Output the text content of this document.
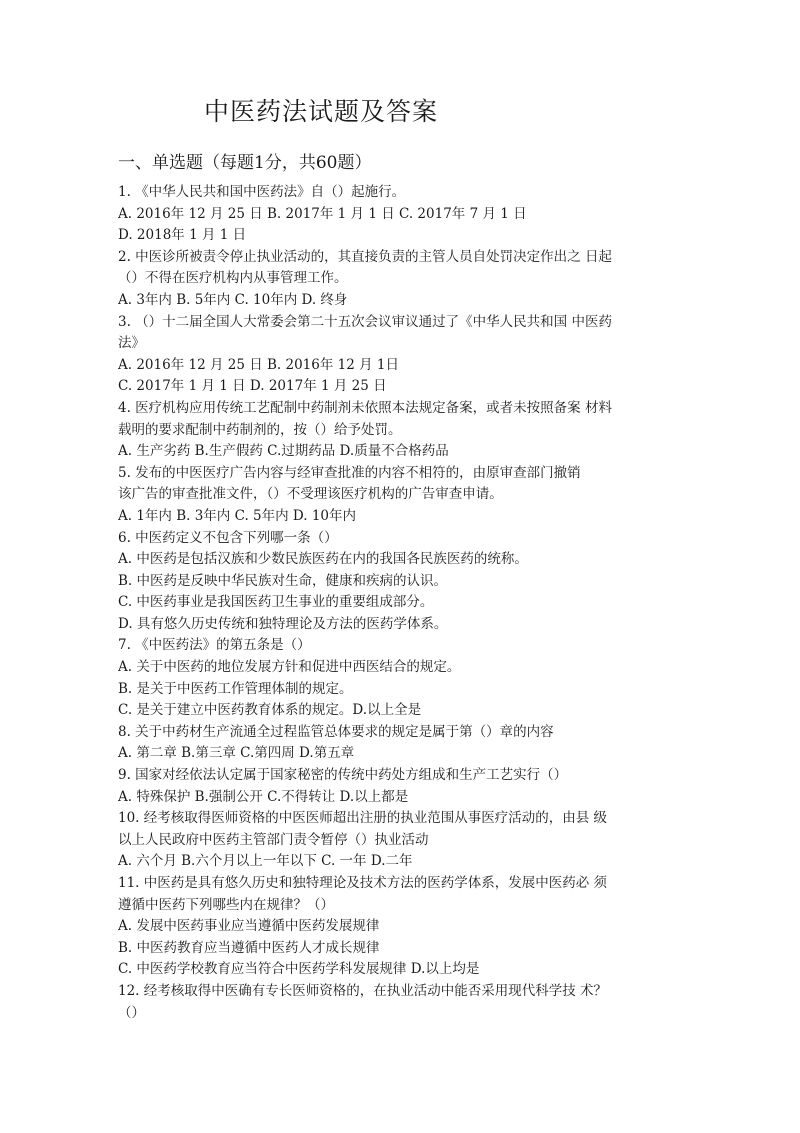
中医药法试题及答案
一、单选题（每题1分，共60题）
1. 《中华人民共和国中医药法》自（）起施行。
A. 2016年 12 月 25 日 B. 2017年 1 月 1 日 C. 2017年 7 月 1 日
D. 2018年 1 月 1 日
2. 中医诊所被责令停止执业活动的，其直接负责的主管人员自处罚决定作出之 日起
（）不得在医疗机构内从事管理工作。
A. 3年内 B. 5年内 C. 10年内 D. 终身
3. （）十二届全国人大常委会第二十五次会议审议通过了《中华人民共和国 中医药
法》
A. 2016年 12 月 25 日 B. 2016年 12 月 1日
C. 2017年 1 月 1 日 D. 2017年 1 月 25 日
4. 医疗机构应用传统工艺配制中药制剂未依照本法规定备案，或者未按照备案 材料
载明的要求配制中药制剂的，按（）给予处罚。
A. 生产劣药 B.生产假药 C.过期药品 D.质量不合格药品
5. 发布的中医医疗广告内容与经审查批准的内容不相符的，由原审查部门撤销
该广告的审查批准文件，（）不受理该医疗机构的广告审查申请。
A. 1年内 B. 3年内 C. 5年内 D. 10年内
6. 中医药定义不包含下列哪一条（）
A. 中医药是包括汉族和少数民族医药在内的我国各民族医药的统称。
B. 中医药是反映中华民族对生命，健康和疾病的认识。
C. 中医药事业是我国医药卫生事业的重要组成部分。
D. 具有悠久历史传统和独特理论及方法的医药学体系。
7. 《中医药法》的第五条是（）
A. 关于中医药的地位发展方针和促进中西医结合的规定。
B. 是关于中医药工作管理体制的规定。
C. 是关于建立中医药教育体系的规定。D.以上全是
8. 关于中药材生产流通全过程监管总体要求的规定是属于第（）章的内容
A. 第二章 B.第三章 C.第四周 D.第五章
9. 国家对经依法认定属于国家秘密的传统中药处方组成和生产工艺实行（）
A. 特殊保护 B.强制公开 C.不得转让 D.以上都是
10. 经考核取得医师资格的中医医师超出注册的执业范围从事医疗活动的，由县 级
以上人民政府中医药主管部门责令暂停（）执业活动
A. 六个月 B.六个月以上一年以下 C. 一年 D.二年
11. 中医药是具有悠久历史和独特理论及技术方法的医药学体系，发展中医药必 须
遵循中医药下列哪些内在规律？（）
A. 发展中医药事业应当遵循中医药发展规律
B. 中医药教育应当遵循中医药人才成长规律
C. 中医药学校教育应当符合中医药学科发展规律 D.以上均是
12. 经考核取得中医确有专长医师资格的，在执业活动中能否采用现代科学技 术？
（）
